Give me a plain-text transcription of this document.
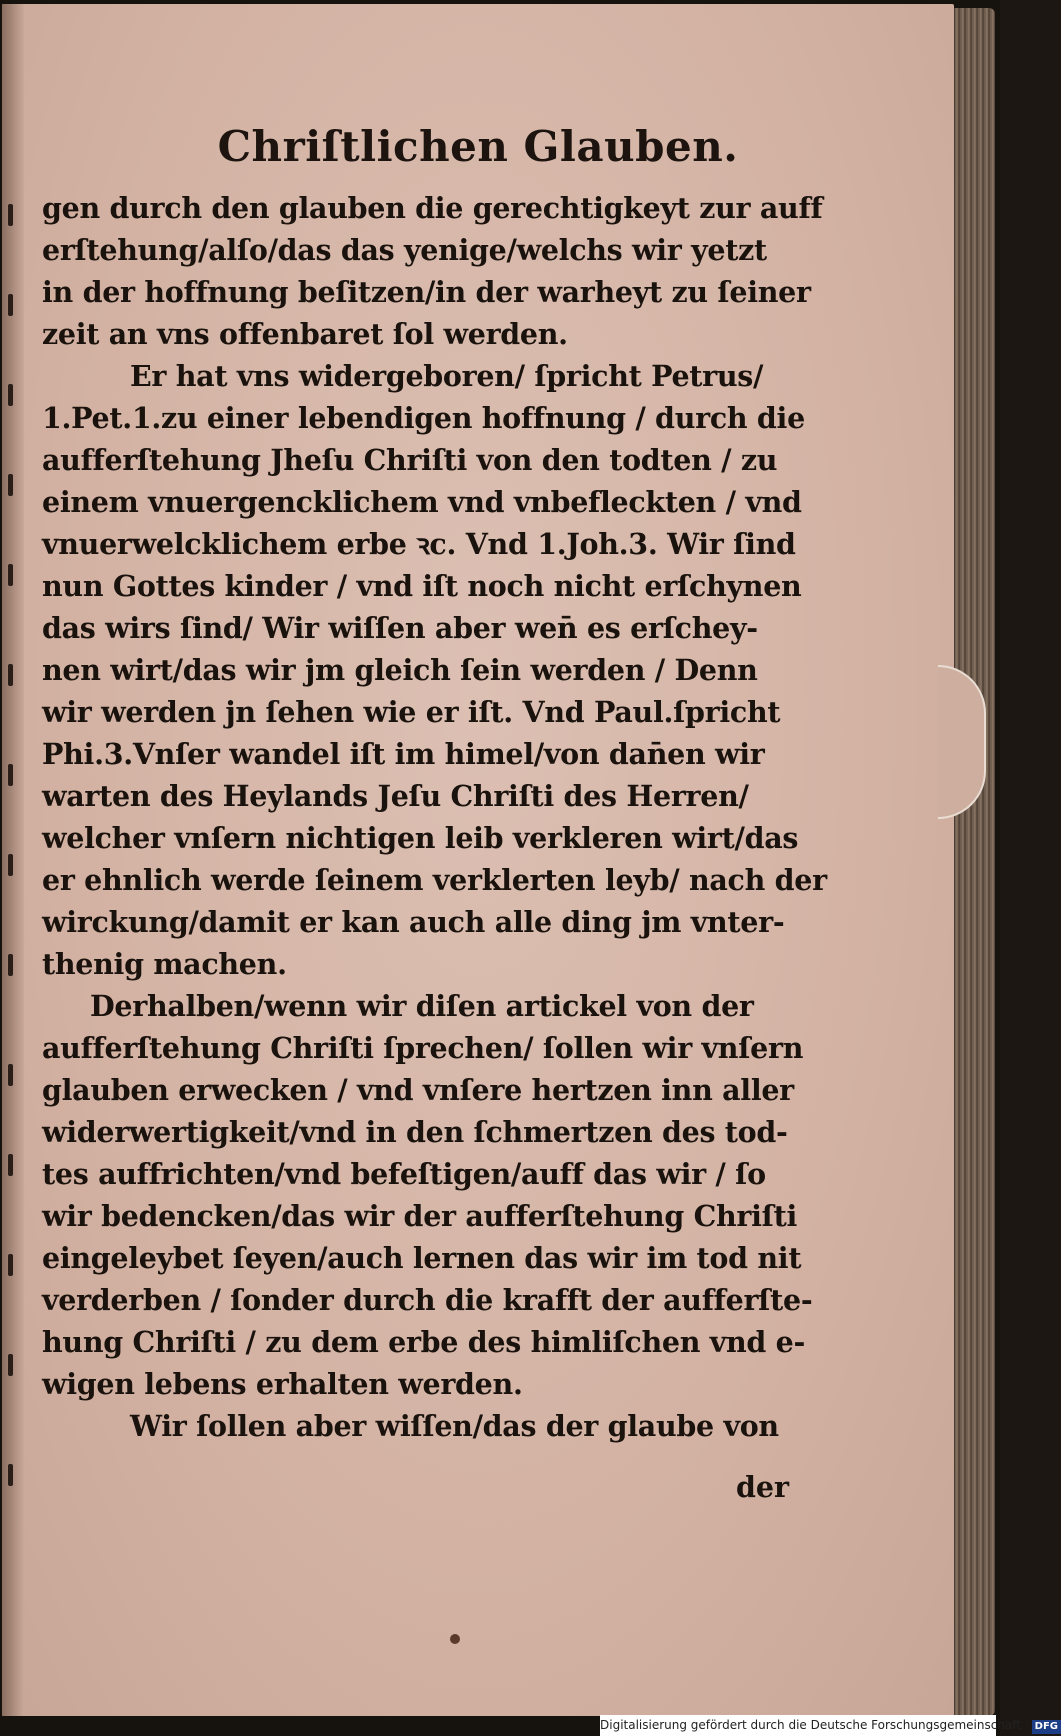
Chriſtlichen Glauben.
gen durch den glauben die gerechtigkeyt zur auff
erſtehung/alſo/das das yenige/welchs wir yetzt
in der hoffnung beſitzen/in der warheyt zu ſeiner
zeit an vns offenbaret ſol werden.
Er hat vns widergeboren/ ſpricht Petrus/
1.Pet.1.zu einer lebendigen hoffnung / durch die
aufferſtehung Jheſu Chriſti von den todten / zu
einem vnuergencklichem vnd vnbefleckten / vnd
vnuerwelcklichem erbe ꝛc. Vnd 1.Joh.3. Wir ſind
nun Gottes kinder / vnd iſt noch nicht erſchynen
das wirs ſind/ Wir wiſſen aber wen̄ es erſchey-
nen wirt/das wir jm gleich ſein werden / Denn
wir werden jn ſehen wie er iſt. Vnd Paul.ſpricht
Phi.3.Vnſer wandel iſt im himel/von dan̄en wir
warten des Heylands Jeſu Chriſti des Herren/
welcher vnſern nichtigen leib verkleren wirt/das
er ehnlich werde ſeinem verklerten leyb/ nach der
wirckung/damit er kan auch alle ding jm vnter-
thenig machen.
Derhalben/wenn wir diſen artickel von der
aufferſtehung Chriſti ſprechen/ ſollen wir vnſern
glauben erwecken / vnd vnſere hertzen inn aller
widerwertigkeit/vnd in den ſchmertzen des tod-
tes auffrichten/vnd befeſtigen/auff das wir / ſo
wir bedencken/das wir der aufferſtehung Chriſti
eingeleybet ſeyen/auch lernen das wir im tod nit
verderben / ſonder durch die krafft der aufferſte-
hung Chriſti / zu dem erbe des himliſchen vnd e-
wigen lebens erhalten werden.
Wir ſollen aber wiſſen/das der glaube von
der
Digitalisierung gefördert durch die Deutsche Forschungsgemeinschaft · DFG
